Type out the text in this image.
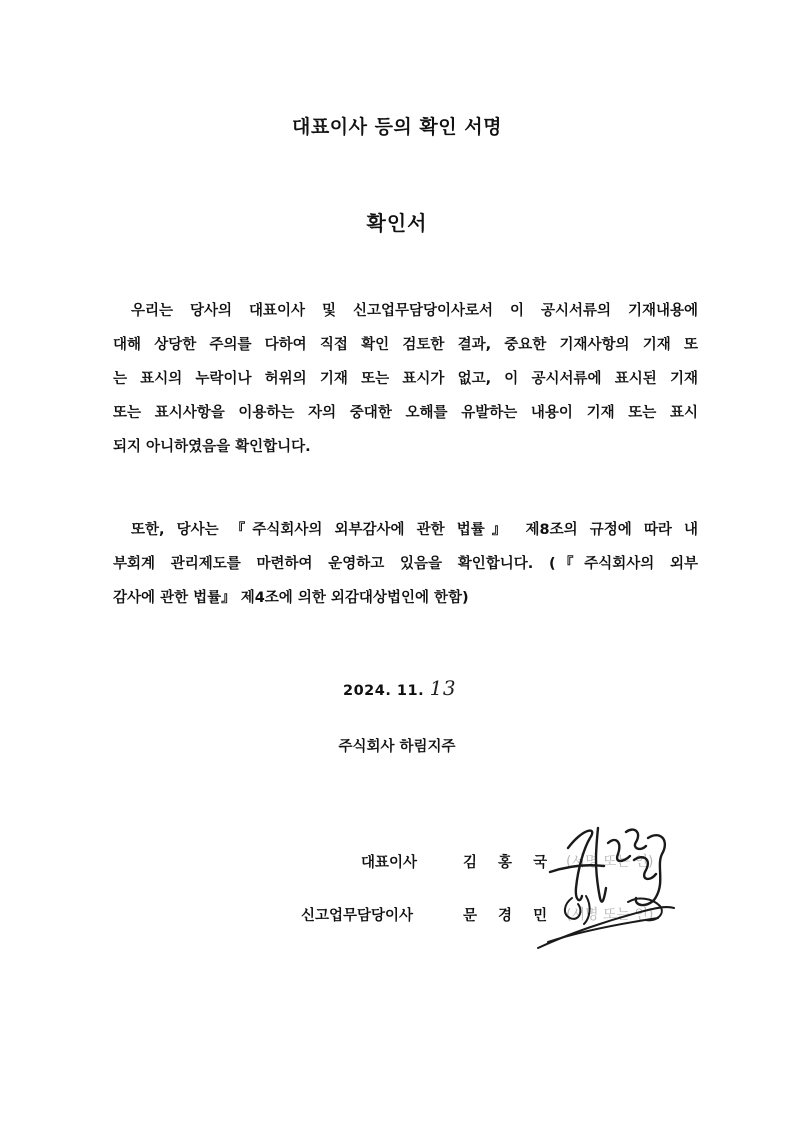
대표이사 등의 확인 서명
확인서
우리는 당사의 대표이사 및 신고업무담당이사로서 이 공시서류의 기재내용에
대해 상당한 주의를 다하여 직접 확인 검토한 결과, 중요한 기재사항의 기재 또
는 표시의 누락이나 허위의 기재 또는 표시가 없고, 이 공시서류에 표시된 기재
또는 표시사항을 이용하는 자의 중대한 오해를 유발하는 내용이 기재 또는 표시
되지 아니하였음을 확인합니다.
또한, 당사는 『주식회사의 외부감사에 관한 법률』 제8조의 규정에 따라 내
부회계 관리제도를 마련하여 운영하고 있음을 확인합니다. (『주식회사의 외부
감사에 관한 법률』 제4조에 의한 외감대상법인에 한함)
2024. 11. 13
주식회사 하림지주
대표이사	김 홍 국 (서명 또는 인)
신고업무담당이사	문 경 민 (서명 또는 인)
